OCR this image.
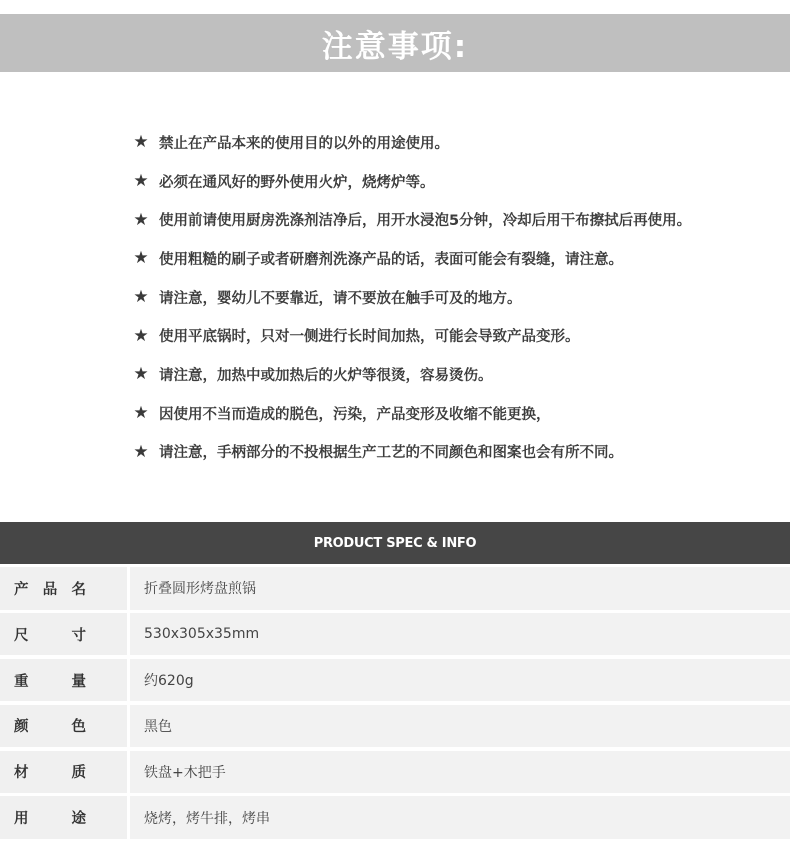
注意事项:
★ 禁止在产品本来的使用目的以外的用途使用。
★ 必须在通风好的野外使用火炉，烧烤炉等。
★ 使用前请使用厨房洗涤剂洁净后，用开水浸泡5分钟，冷却后用干布擦拭后再使用。
★ 使用粗糙的刷子或者研磨剂洗涤产品的话，表面可能会有裂缝，请注意。
★ 请注意，婴幼儿不要靠近，请不要放在触手可及的地方。
★ 使用平底锅时，只对一侧进行长时间加热，可能会导致产品变形。
★ 请注意，加热中或加热后的火炉等很烫，容易烫伤。
★ 因使用不当而造成的脱色，污染，产品变形及收缩不能更换，
★ 请注意，手柄部分的不投根据生产工艺的不同颜色和图案也会有所不同。
PRODUCT SPEC & INFO
产品名	折叠圆形烤盘煎锅
尺寸	530x305x35mm
重量	约620g
颜色	黑色
材质	铁盘+木把手
用途	烧烤，烤牛排，烤串
